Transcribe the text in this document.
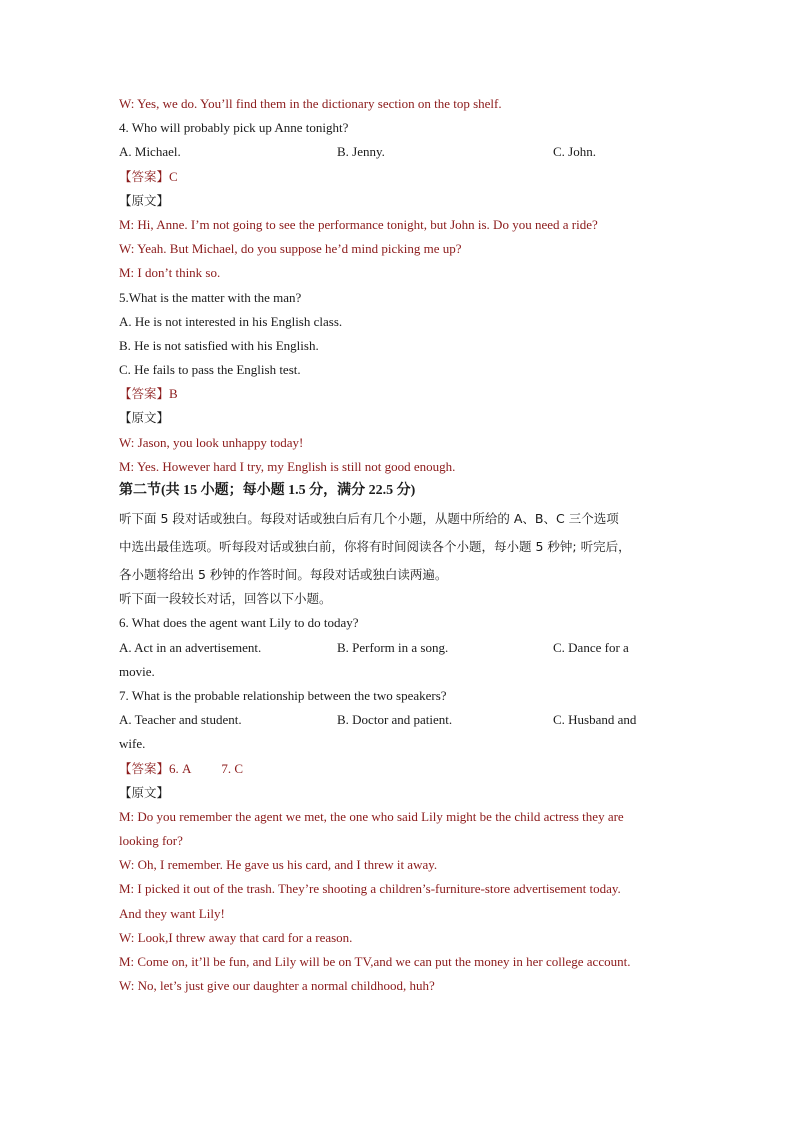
W: Yes, we do. You’ll find them in the dictionary section on the top shelf.
4. Who will probably pick up Anne tonight?
A. Michael.	B. Jenny.	C. John.
【答案】C
【原文】
M: Hi, Anne. I’m not going to see the performance tonight, but John is. Do you need a ride?
W: Yeah. But Michael, do you suppose he’d mind picking me up?
M: I don’t think so.
5.What is the matter with the man?
A. He is not interested in his English class.
B. He is not satisfied with his English.
C. He fails to pass the English test.
【答案】B
【原文】
W: Jason, you look unhappy today!
M: Yes. However hard I try, my English is still not good enough.
第二节(共 15 小题；每小题 1.5 分，满分 22.5 分)
听下面 5 段对话或独白。每段对话或独白后有几个小题，从题中所给的 A、B、C 三个选项
中选出最佳选项。听每段对话或独白前，你将有时间阅读各个小题，每小题 5 秒钟; 听完后，
各小题将给出 5 秒钟的作答时间。每段对话或独白读两遍。
听下面一段较长对话，回答以下小题。
6. What does the agent want Lily to do today?
A. Act in an advertisement.	B. Perform in a song.	C. Dance for a
movie.
7. What is the probable relationship between the two speakers?
A. Teacher and student.	B. Doctor and patient.	C. Husband and
wife.
【答案】6. A 7. C
【原文】
M: Do you remember the agent we met, the one who said Lily might be the child actress they are
looking for?
W: Oh, I remember. He gave us his card, and I threw it away.
M: I picked it out of the trash. They’re shooting a children’s-furniture-store advertisement today.
And they want Lily!
W: Look,I threw away that card for a reason.
M: Come on, it’ll be fun, and Lily will be on TV,and we can put the money in her college account.
W: No, let’s just give our daughter a normal childhood, huh?
